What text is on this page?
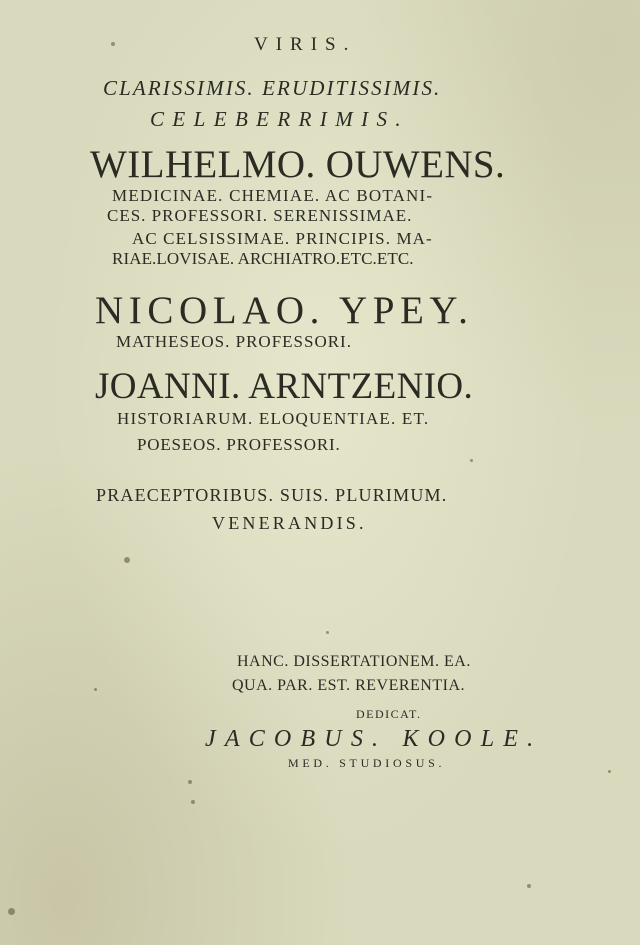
VIRIS.
CLARISSIMIS. ERUDITISSIMIS.
CELEBERRIMIS.
WILHELMO. OUWENS.
MEDICINAE. CHEMIAE. AC BOTANI-
CES. PROFESSORI. SERENISSIMAE.
AC CELSISSIMAE. PRINCIPIS. MA-
RIAE.LOVISAE. ARCHIATRO.ETC.ETC.
NICOLAO. YPEY.
MATHESEOS. PROFESSORI.
JOANNI. ARNTZENIO.
HISTORIARUM. ELOQUENTIAE. ET.
POESEOS. PROFESSORI.
PRAECEPTORIBUS. SUIS. PLURIMUM.
VENERANDIS.
HANC. DISSERTATIONEM. EA.
QUA. PAR. EST. REVERENTIA.
DEDICAT.
JACOBUS. KOOLE.
MED. STUDIOSUS.
